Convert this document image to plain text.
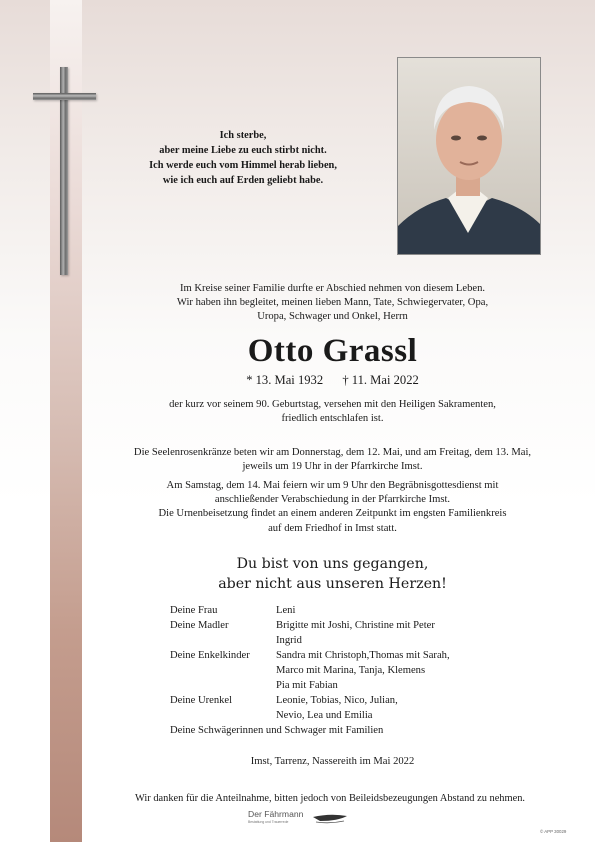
Ich sterbe,
aber meine Liebe zu euch stirbt nicht.
Ich werde euch vom Himmel herab lieben,
wie ich euch auf Erden geliebt habe.
Im Kreise seiner Familie durfte er Abschied nehmen von diesem Leben.
Wir haben ihn begleitet, meinen lieben Mann, Tate, Schwiegervater, Opa,
Uropa, Schwager und Onkel, Herrn
Otto Grassl
* 13. Mai 1932 † 11. Mai 2022
der kurz vor seinem 90. Geburtstag, versehen mit den Heiligen Sakramenten,
friedlich entschlafen ist.
Die Seelenrosenkränze beten wir am Donnerstag, dem 12. Mai, und am Freitag, dem 13. Mai,
jeweils um 19 Uhr in der Pfarrkirche Imst.
Am Samstag, dem 14. Mai feiern wir um 9 Uhr den Begräbnisgottesdienst mit
anschließender Verabschiedung in der Pfarrkirche Imst.
Die Urnenbeisetzung findet an einem anderen Zeitpunkt im engsten Familienkreis
auf dem Friedhof in Imst statt.
Du bist von uns gegangen,
aber nicht aus unseren Herzen!
Deine Frau	Leni
Deine Madler	Brigitte mit Joshi, Christine mit Peter
Ingrid
Deine Enkelkinder	Sandra mit Christoph,Thomas mit Sarah,
Marco mit Marina, Tanja, Klemens
Pia mit Fabian
Deine Urenkel	Leonie, Tobias, Nico, Julian,
Nevio, Lea und Emilia
Deine Schwägerinnen und Schwager mit Familien
Imst, Tarrenz, Nassereith im Mai 2022
Wir danken für die Anteilnahme, bitten jedoch von Beileidsbezeugungen Abstand zu nehmen.
Der Fährmann
Bestattung und Trauerrede
© APP 30029
